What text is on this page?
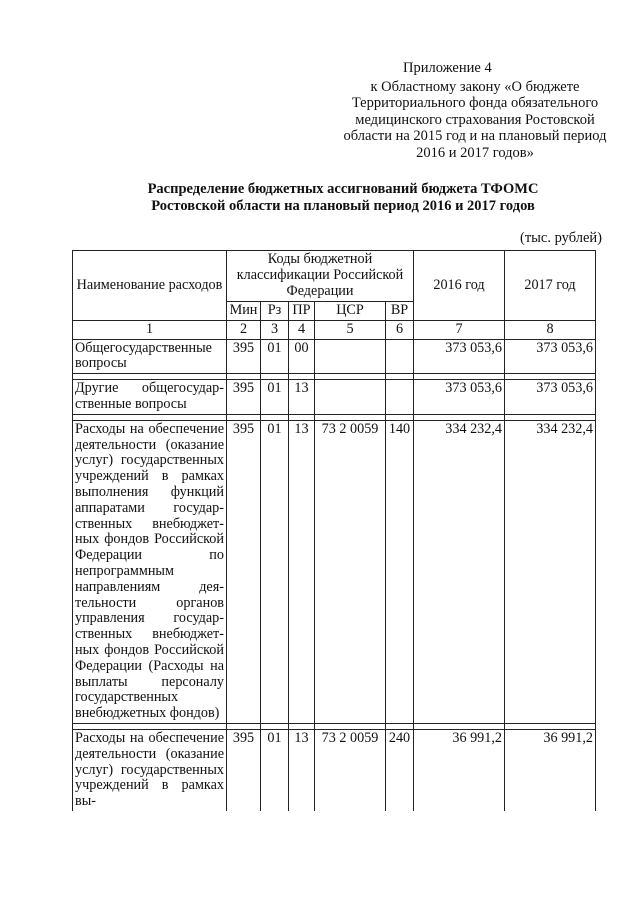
Приложение 4
к Областному закону «О бюджете
Территориального фонда обязательного
медицинского страхования Ростовской
области на 2015 год и на плановый период
2016 и 2017 годов»
Распределение бюджетных ассигнований бюджета ТФОМС
Ростовской области на плановый период 2016 и 2017 годов
(тыс. рублей)
Наименование расходов	Коды бюджетной классификации Российской Федерации					2016 год	2017 год
	Мин	Рз	ПР	ЦСР	ВР		
1	2	3	4	5	6	7	8
Общегосударственные вопросы	395	01	00			373 053,6	373 053,6

Другие общегосударственные вопросы	395	01	13			373 053,6	373 053,6

Расходы на обеспечение деятельности (оказание услуг) государственных учреждений в рамках выполнения функций аппаратами государственных внебюджетных фондов Российской Федерации по непрограммным направлениям деятельности органов управления государственных внебюджетных фондов Российской Федерации (Расходы на выплаты персоналу государственных внебюджетных фондов)	395	01	13	73 2 0059	140	334 232,4	334 232,4

Расходы на обеспечение деятельности (оказание услуг) государственных учреждений в рамках вы-	395	01	13	73 2 0059	240	36 991,2	36 991,2
